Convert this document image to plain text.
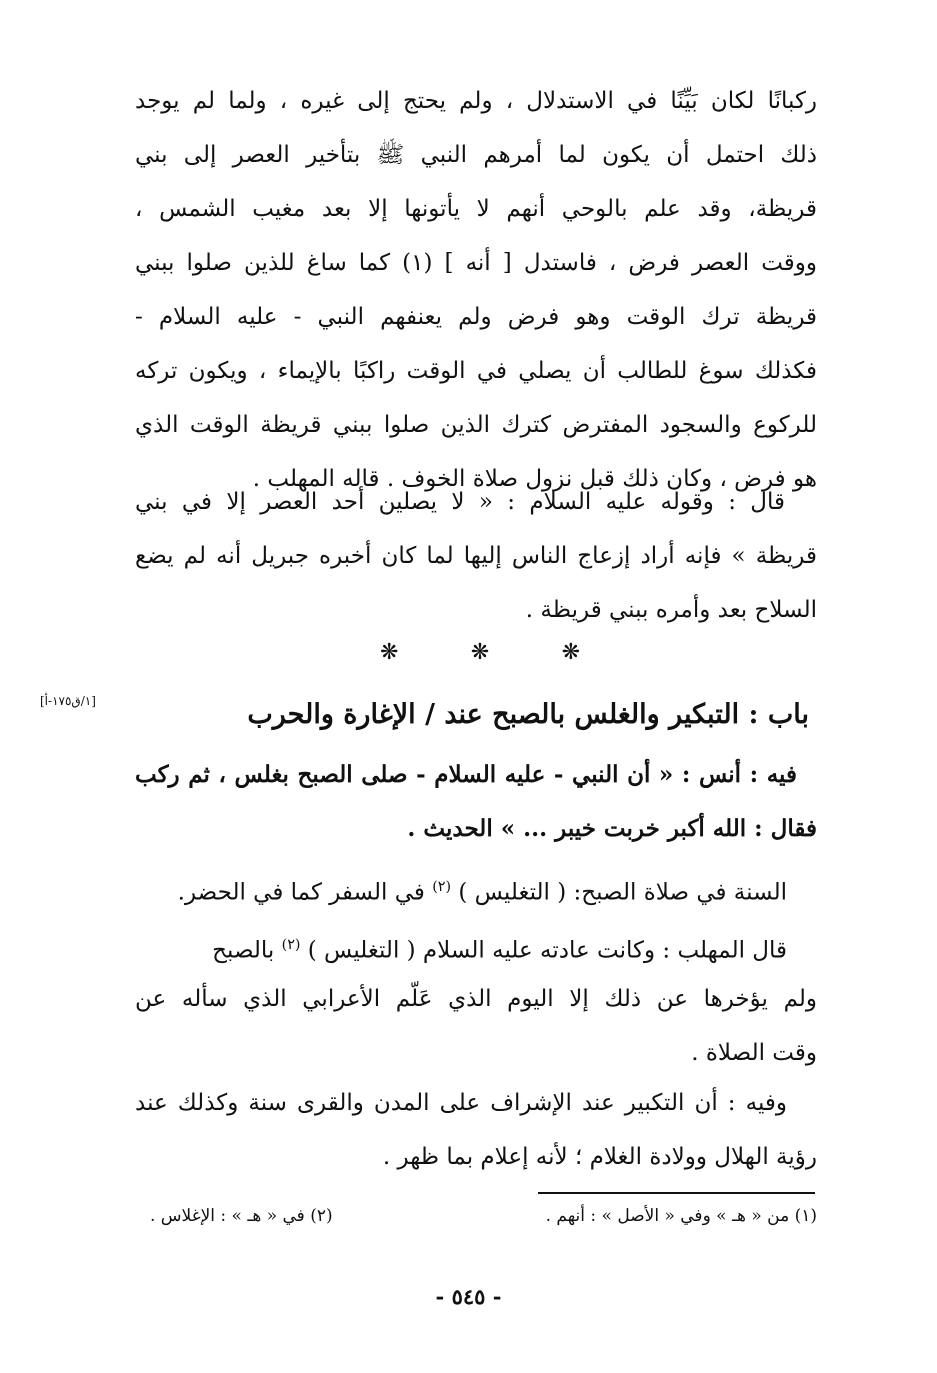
ركبانًا لكان بَيِّنًا في الاستدلال ، ولم يحتج إلى غيره ، ولما لم يوجد
ذلك احتمل أن يكون لما أمرهم النبي ﷺ بتأخير العصر إلى بني
قريظة، وقد علم بالوحي أنهم لا يأتونها إلا بعد مغيب الشمس ،
ووقت العصر فرض ، فاستدل [ أنه ] (١) كما ساغ للذين صلوا ببني
قريظة ترك الوقت وهو فرض ولم يعنفهم النبي - عليه السلام -
فكذلك سوغ للطالب أن يصلي في الوقت راكبًا بالإيماء ، ويكون تركه
للركوع والسجود المفترض كترك الذين صلوا ببني قريظة الوقت الذي
هو فرض ، وكان ذلك قبل نزول صلاة الخوف . قاله المهلب .
قال : وقوله عليه السلام : « لا يصلين أحد العصر إلا في بني
قريظة » فإنه أراد إزعاج الناس إليها لما كان أخبره جبريل أنه لم يضع
السلاح بعد وأمره ببني قريظة .
❋	❋	❋
[١/ق١٧٥-أ]	باب : التبكير والغلس بالصبح عند / الإغارة والحرب
فيه : أنس : « أن النبي - عليه السلام - صلى الصبح بغلس ، ثم ركب
فقال : الله أكبر خربت خيبر ... » الحديث .
السنة في صلاة الصبح: ( التغليس ) $^{(٢)}$ في السفر كما في الحضر.
قال المهلب : وكانت عادته عليه السلام ( التغليس ) $^{(٢)}$ بالصبح
ولم يؤخرها عن ذلك إلا اليوم الذي عَلّم الأعرابي الذي سأله عن
وقت الصلاة .
وفيه : أن التكبير عند الإشراف على المدن والقرى سنة وكذلك عند
رؤية الهلال وولادة الغلام ؛ لأنه إعلام بما ظهر .
(١) من « هـ » وفي « الأصل » : أنهم .
(٢) في « هـ » : الإغلاس .
- ٥٤٥ -
